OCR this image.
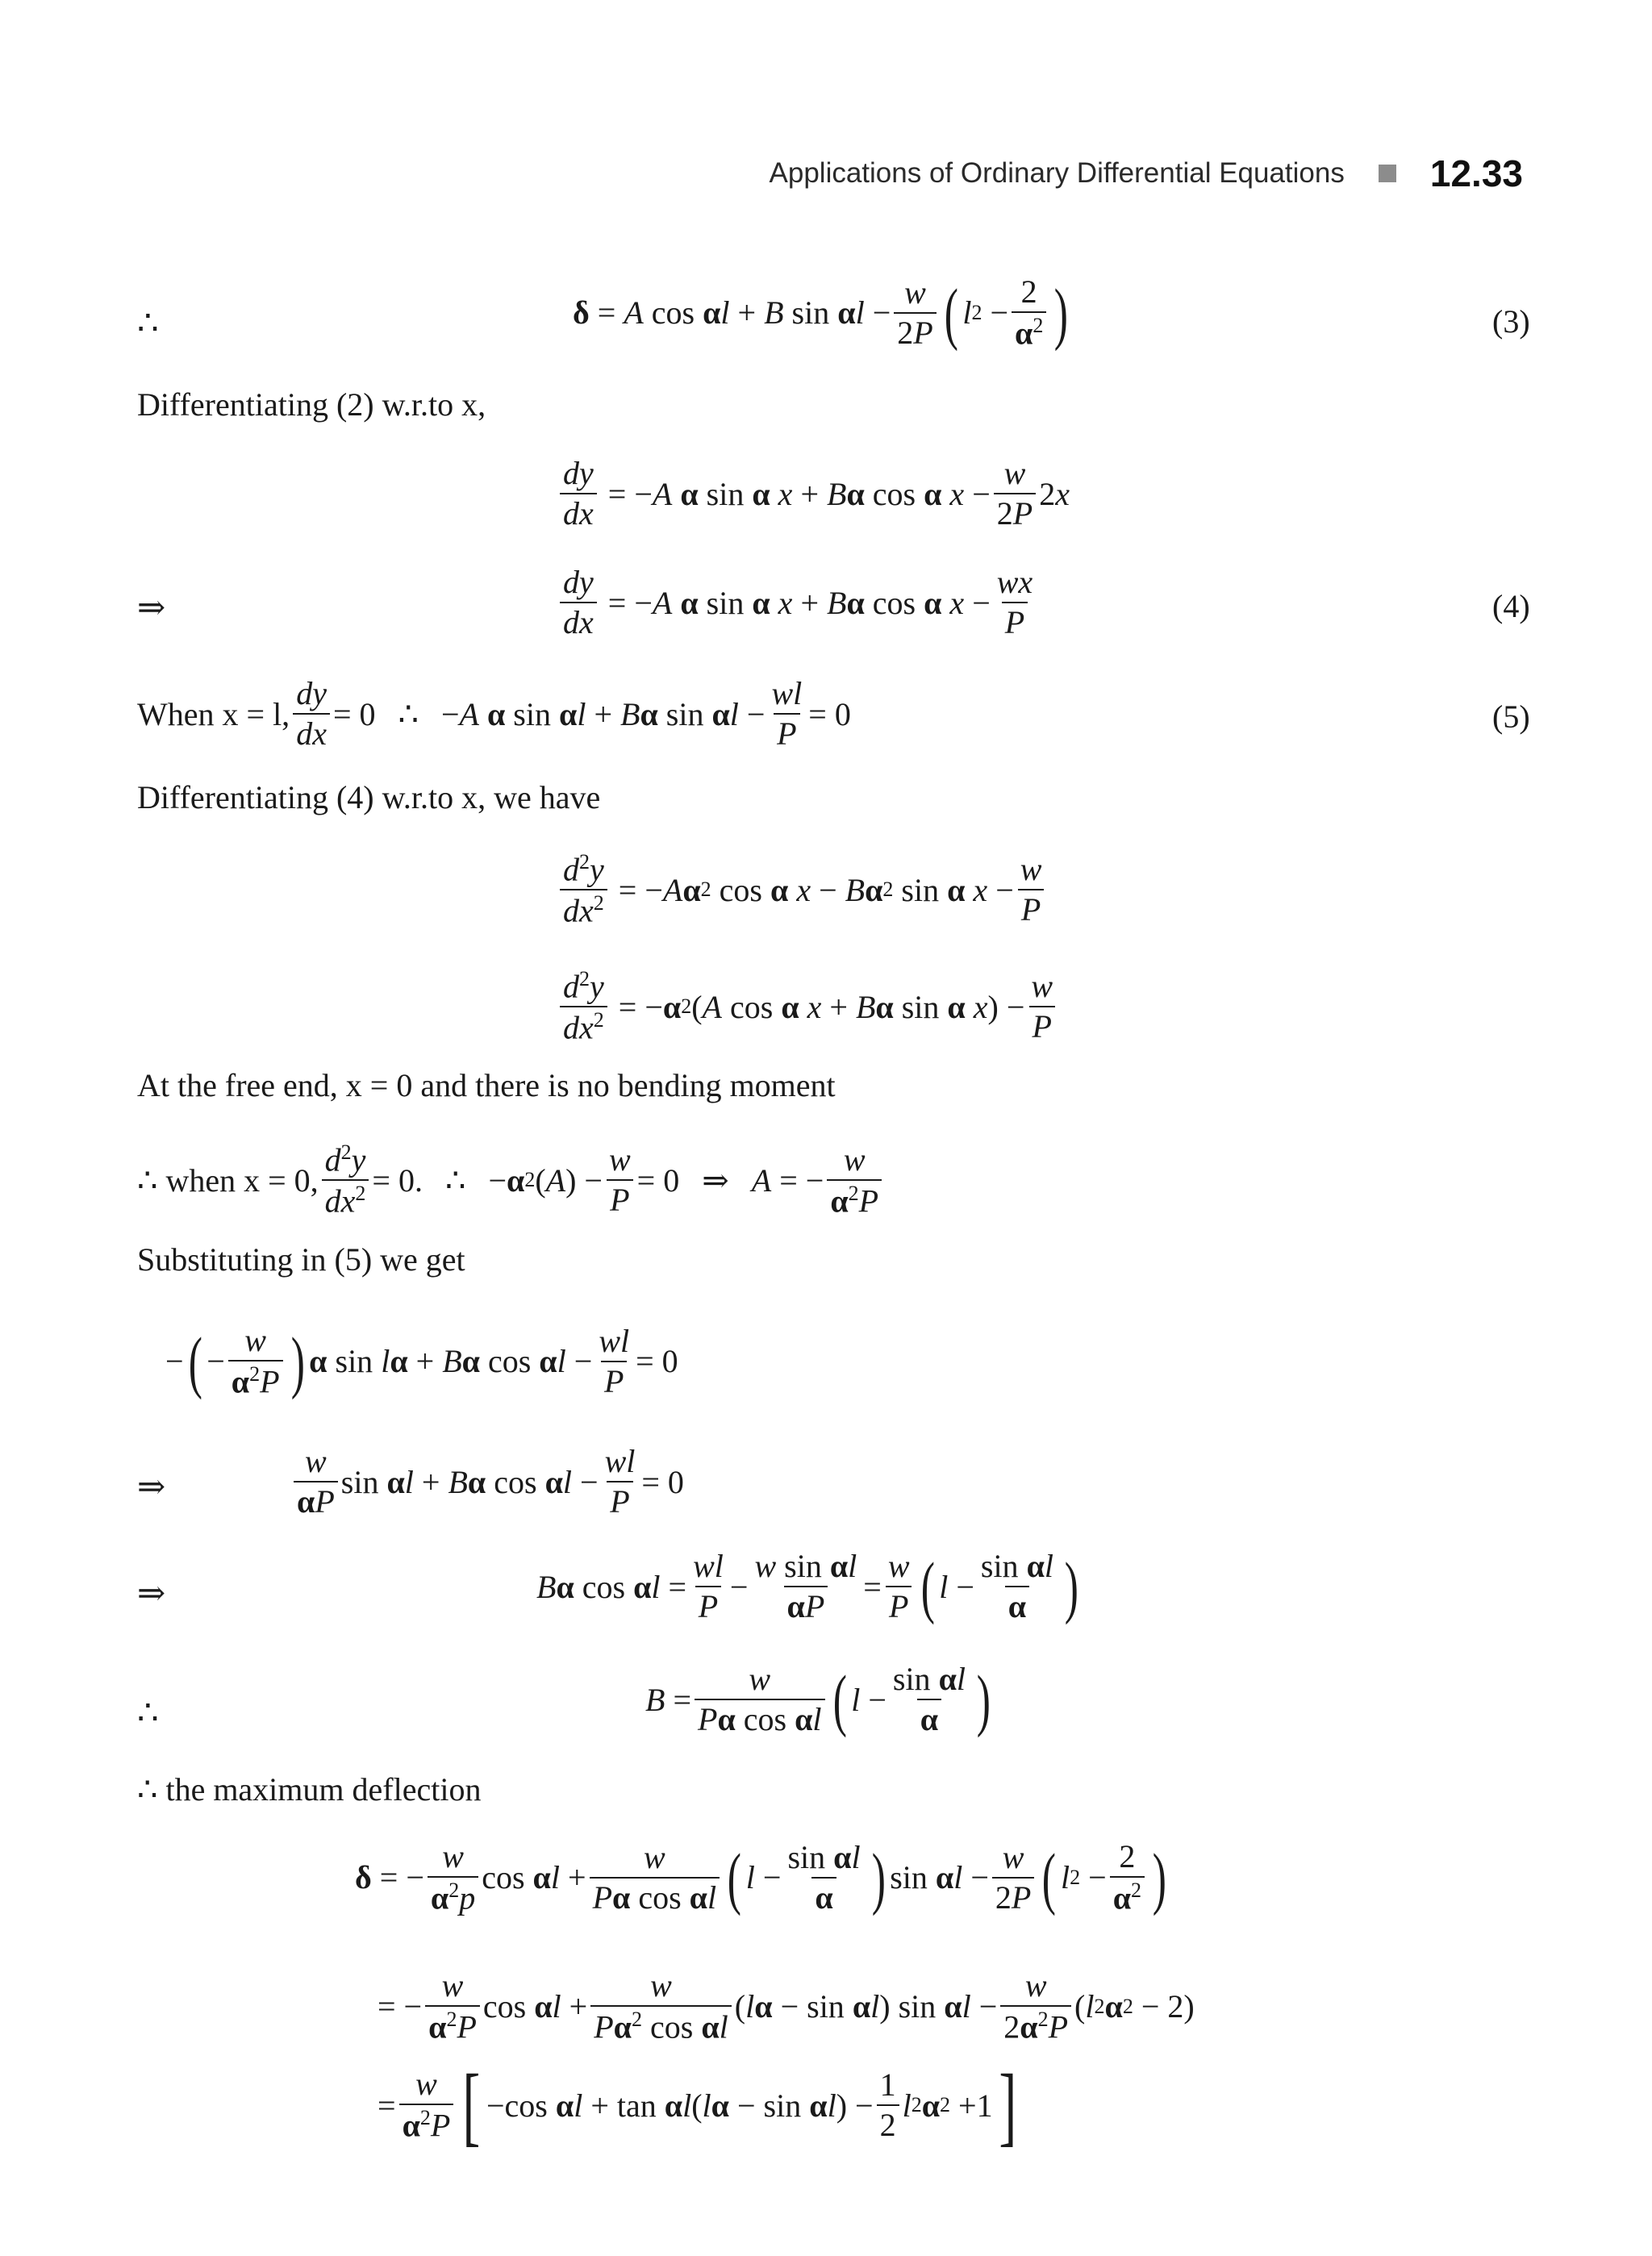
Applications of Ordinary Differential Equations 12.33
∴	δ = A cos α l + B sin α $l - \frac{w}{2P}$ ( l $2 - \frac{2}{\alpha^2}$ )	(3)
Differentiating (2) w.r.to x,
$\frac{dy}{dx}$ = − A
α sin α
x + B α cos α
$x - \frac{w}{2P} 2$ x
⇒	$\frac{dy}{dx}$ = − A
α sin α
x + B α cos α
$x - \frac{wx}{P}$	(4)
When x = l, $\frac{dy}{dx} = 0$ ∴
− A
α sin α l + B α sin α $l - \frac{wl}{P} = 0$	(5)
Differentiating (4) w.r.to x, we have
$\frac{d^2y}{dx^2}$ = − A α 2 cos α
x − B α 2 sin α
$x - \frac{w}{P}$
$\frac{d^2y}{dx^2}$ = − α 2 ( A cos α
x + B α sin α
x ) − $\frac{w}{P}$
At the free end, x = 0 and there is no bending moment
∴ when x = 0, $\frac{d^2y}{dx^2} = 0$. ∴
− α 2 ( A ) − $\frac{w}{P} = 0$
⇒ A = − $\frac{w}{\alpha^2P}$
Substituting in (5) we get
− ( − $\frac{w}{\alpha^2P}$ ) α sin l α + B α cos α $l - \frac{wl}{P} = 0$
⇒	$\frac{w}{\alpha P}$ sin α l + B α cos α $l - \frac{wl}{P} = 0$
⇒	B α cos α $l = \frac{wl}{P} - \frac{\text{w sin αl}}{\alpha P} = \frac{w}{P}$ ( $l - \frac{\text{sin αl}}{\alpha}$ )
∴	$B = \frac{w}{\text{Pα cos αl}}$ ( $l - \frac{\text{sin αl}}{\alpha}$ )
∴ the maximum deflection
δ = − $\frac{w}{\alpha^2p}$ cos α $l + \frac{w}{\text{Pα cos αl}}$ ( $l - \frac{\text{sin αl}}{\alpha}$ ) sin α $l - \frac{w}{2P}$ ( l $2 - \frac{2}{\alpha^2}$ )
= − $\frac{w}{\alpha^2P}$ cos α $l + \frac{w}{P\alpha^2 \cos \alpha l}$ ( l α − sin α l ) sin α $l - \frac{w}{2\alpha^2P}$ ( l 2 α 2 − 2)
= $\frac{w}{\alpha^2P}$ [ −cos α l + tan α l ( l α − sin α l ) − $\frac{1}{2}$ l 2 α 2 +1 ]
